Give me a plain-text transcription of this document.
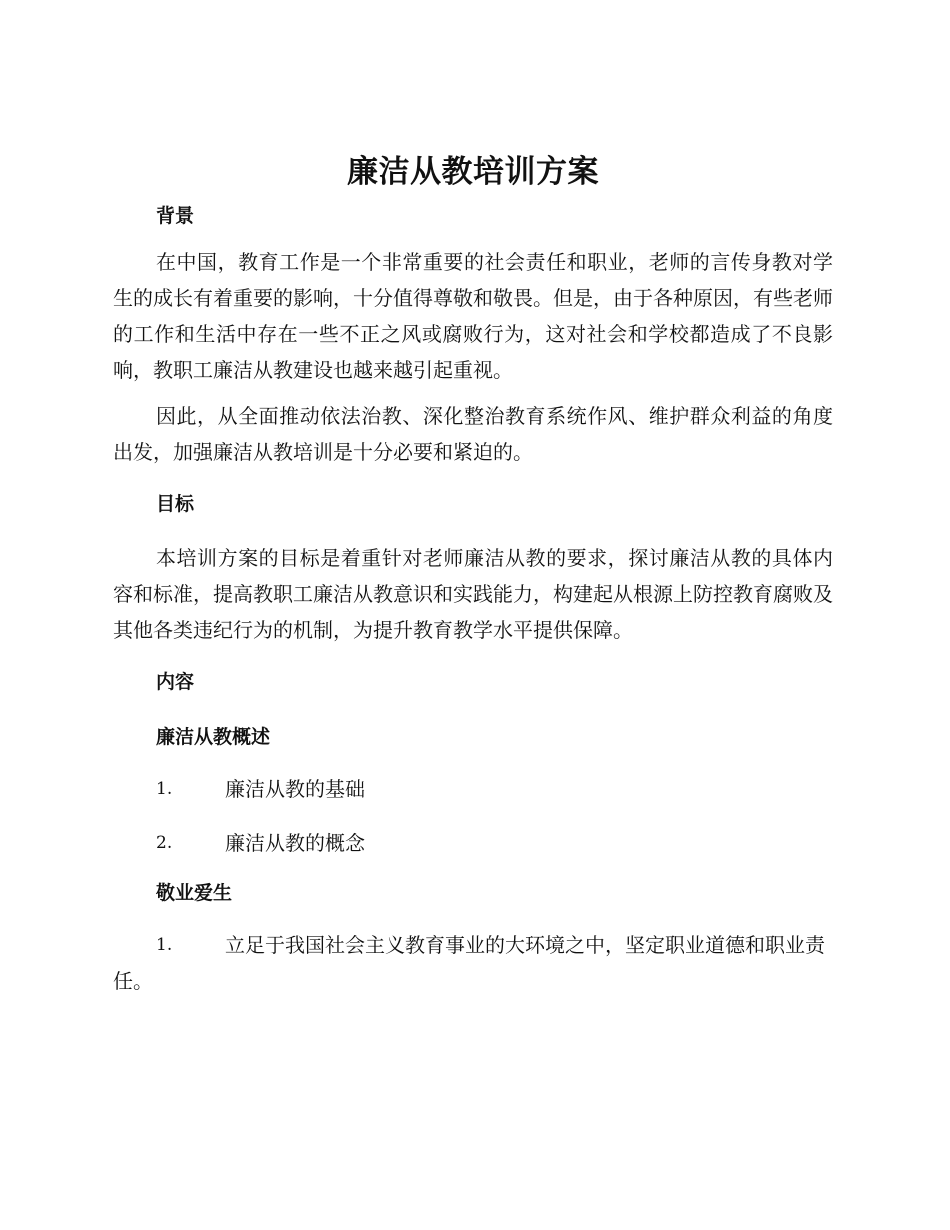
廉洁从教培训方案

背景

在中国，教育工作是一个非常重要的社会责任和职业，老师的言传身教对学生的成长有着重要的影响，十分值得尊敬和敬畏。但是，由于各种原因，有些老师的工作和生活中存在一些不正之风或腐败行为，这对社会和学校都造成了不良影响，教职工廉洁从教建设也越来越引起重视。

因此，从全面推动依法治教、深化整治教育系统作风、维护群众利益的角度出发，加强廉洁从教培训是十分必要和紧迫的。

目标

本培训方案的目标是着重针对老师廉洁从教的要求，探讨廉洁从教的具体内容和标准，提高教职工廉洁从教意识和实践能力，构建起从根源上防控教育腐败及其他各类违纪行为的机制，为提升教育教学水平提供保障。

内容

廉洁从教概述

1.	廉洁从教的基础
2.	廉洁从教的概念

敬业爱生

1.	立足于我国社会主义教育事业的大环境之中，坚定职业道德和职业责任。
